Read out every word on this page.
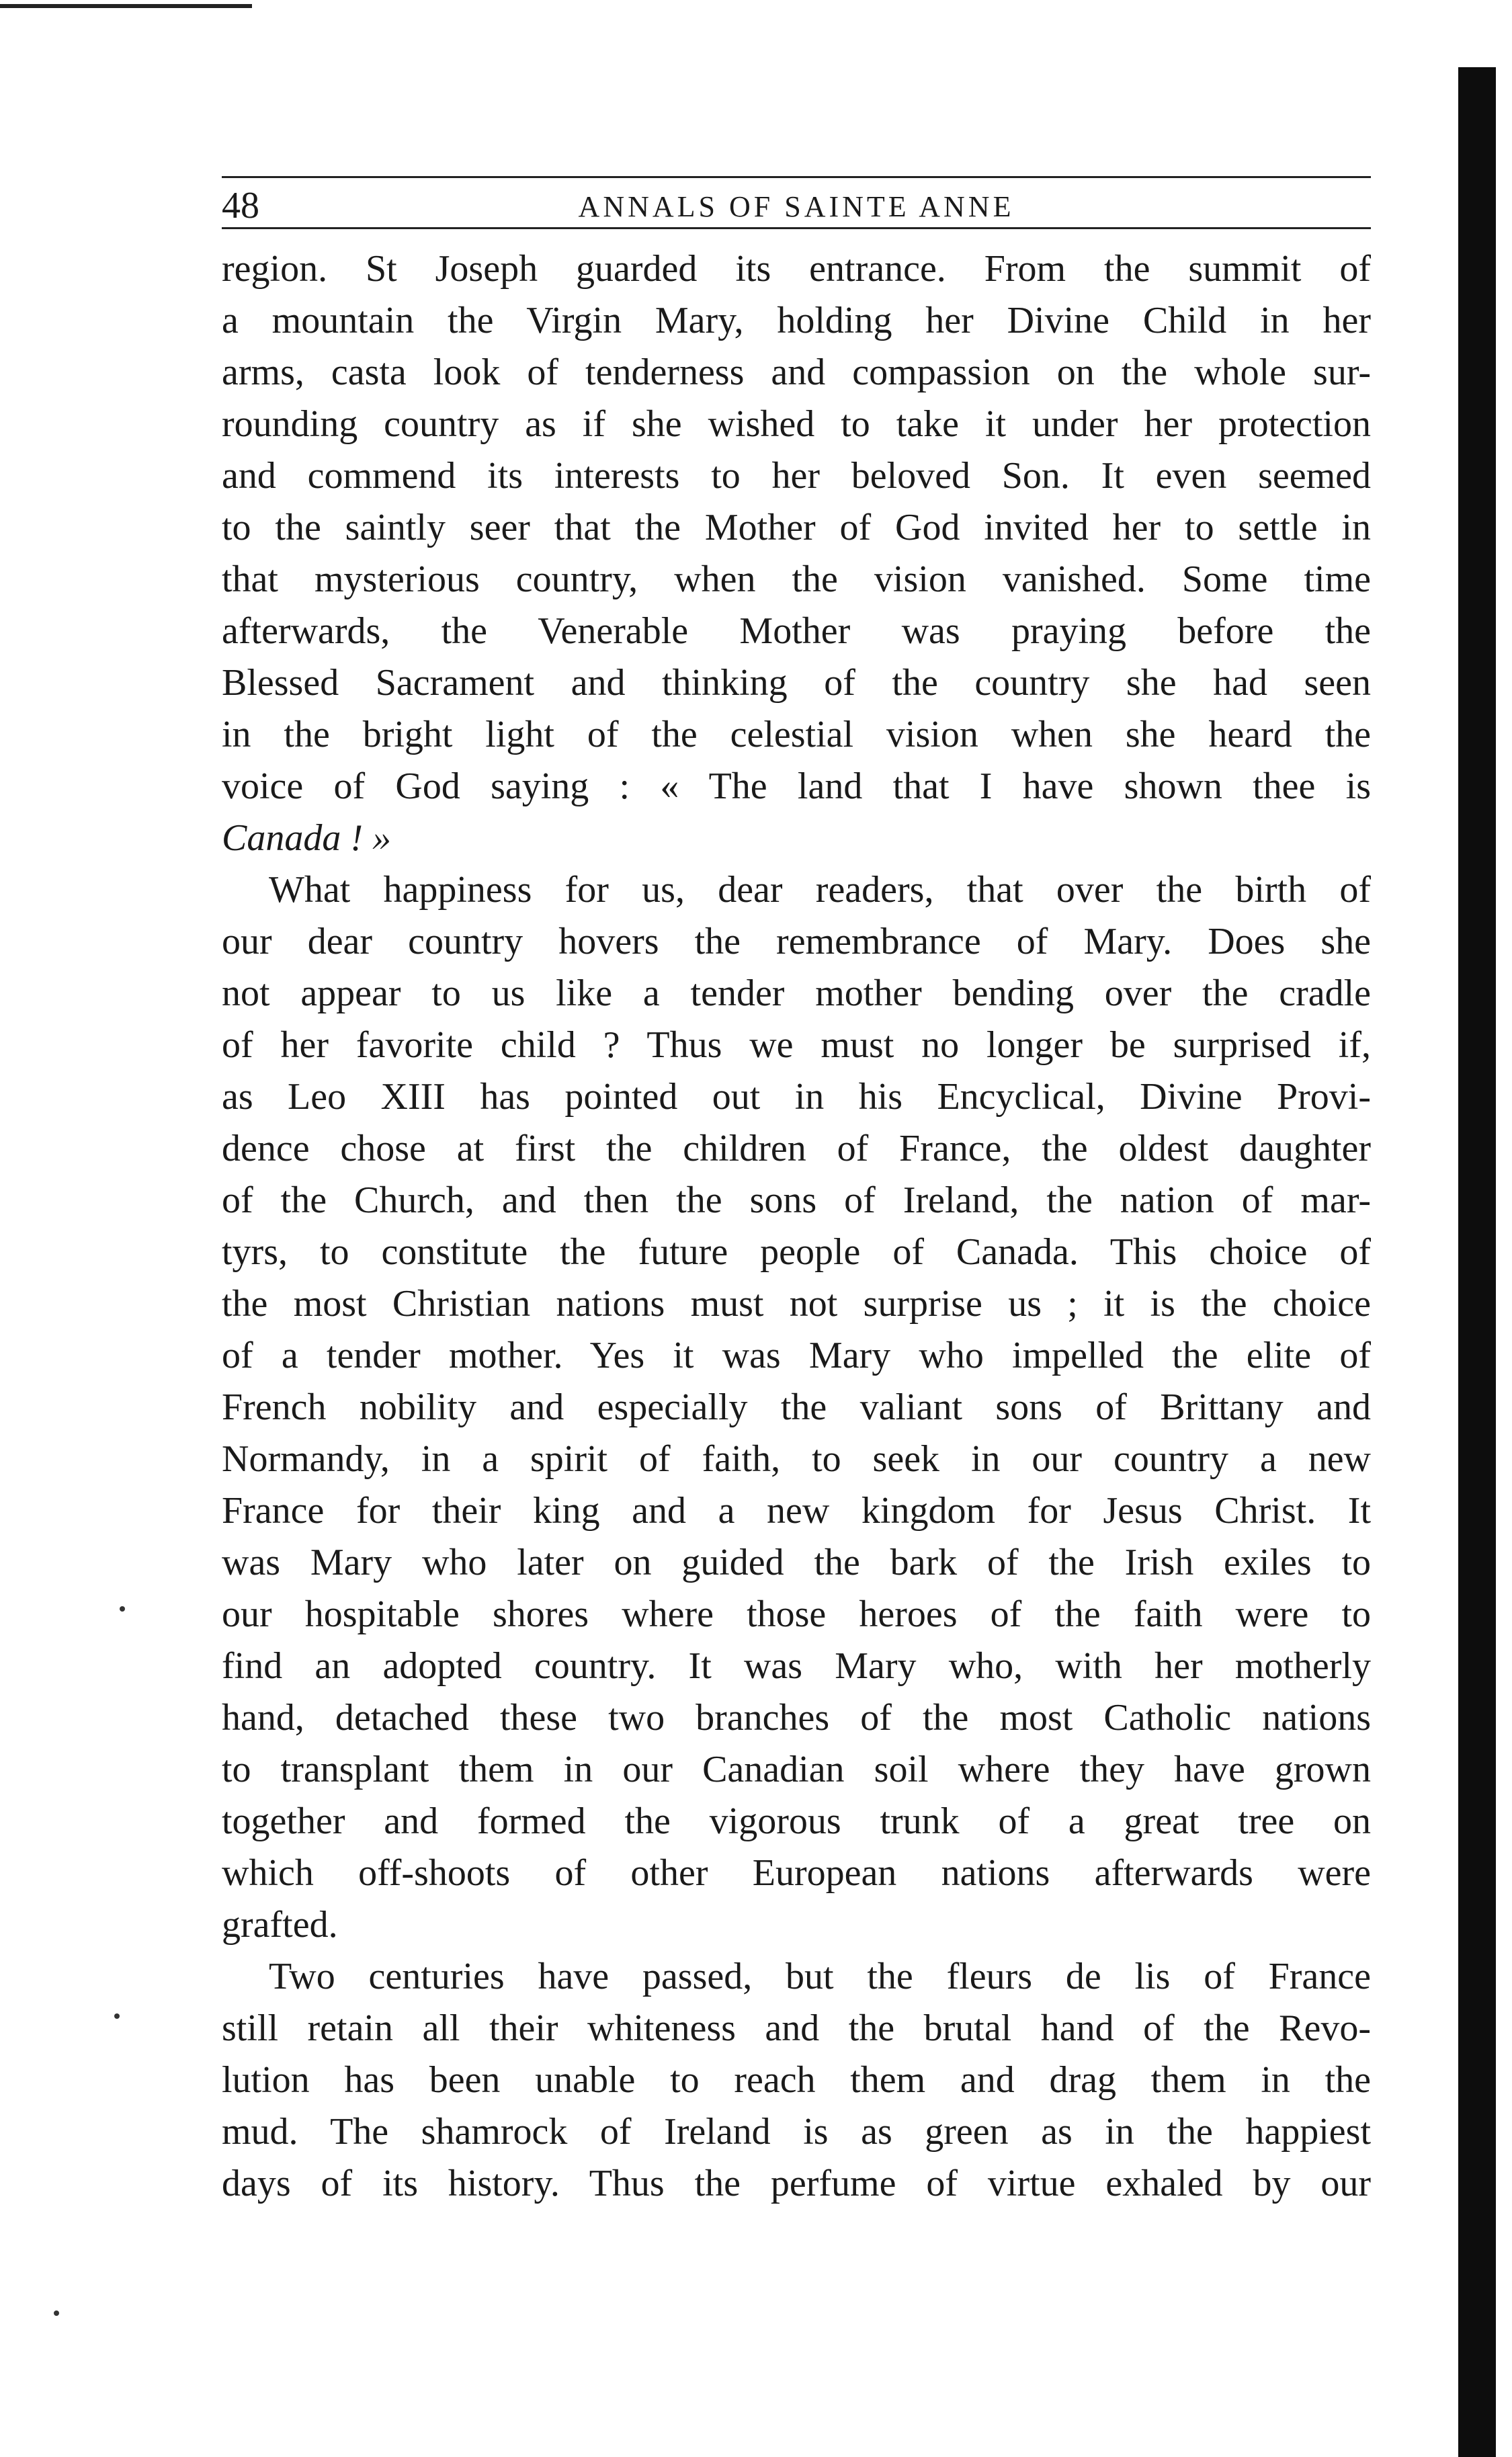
48	ANNALS OF SAINTE ANNE
region. St Joseph guarded its entrance. From the summit of
a mountain the Virgin Mary, holding her Divine Child in her
arms, casta look of tenderness and compassion on the whole sur-
rounding country as if she wished to take it under her protection
and commend its interests to her beloved Son. It even seemed
to the saintly seer that the Mother of God invited her to settle in
that mysterious country, when the vision vanished. Some time
afterwards, the Venerable Mother was praying before the
Blessed Sacrament and thinking of the country she had seen
in the bright light of the celestial vision when she heard the
voice of God saying : « The land that I have shown thee is
Canada ! »
What happiness for us, dear readers, that over the birth of
our dear country hovers the remembrance of Mary. Does she
not appear to us like a tender mother bending over the cradle
of her favorite child ? Thus we must no longer be surprised if,
as Leo XIII has pointed out in his Encyclical, Divine Provi-
dence chose at first the children of France, the oldest daughter
of the Church, and then the sons of Ireland, the nation of mar-
tyrs, to constitute the future people of Canada. This choice of
the most Christian nations must not surprise us ; it is the choice
of a tender mother. Yes it was Mary who impelled the elite of
French nobility and especially the valiant sons of Brittany and
Normandy, in a spirit of faith, to seek in our country a new
France for their king and a new kingdom for Jesus Christ. It
was Mary who later on guided the bark of the Irish exiles to
our hospitable shores where those heroes of the faith were to
find an adopted country. It was Mary who, with her motherly
hand, detached these two branches of the most Catholic nations
to transplant them in our Canadian soil where they have grown
together and formed the vigorous trunk of a great tree on
which off-shoots of other European nations afterwards were
grafted.
Two centuries have passed, but the fleurs de lis of France
still retain all their whiteness and the brutal hand of the Revo-
lution has been unable to reach them and drag them in the
mud. The shamrock of Ireland is as green as in the happiest
days of its history. Thus the perfume of virtue exhaled by our
